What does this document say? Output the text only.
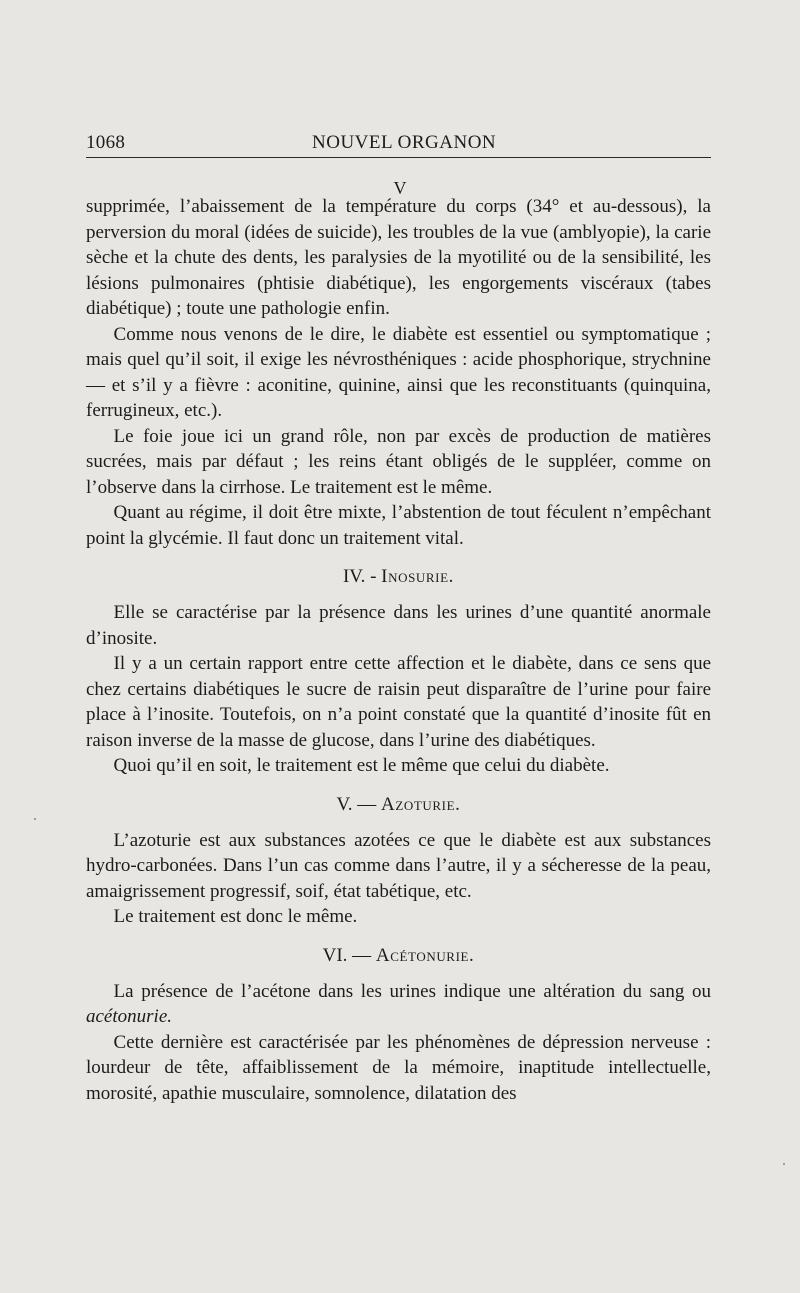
1068	NOUVEL ORGANON
V

supprimée, l’abaissement de la température du corps (34° et au-dessous), la perversion du moral (idées de suicide), les troubles de la vue (amblyopie), la carie sèche et la chute des dents, les paralysies de la myotilité ou de la sensibilité, les lésions pulmonaires (phtisie diabétique), les engorgements viscéraux (tabes diabétique) ; toute une pathologie enfin.

Comme nous venons de le dire, le diabète est essentiel ou symptomatique ; mais quel qu’il soit, il exige les névrosthéniques : acide phosphorique, strychnine — et s’il y a fièvre : aconitine, quinine, ainsi que les reconstituants (quinquina, ferrugineux, etc.).

Le foie joue ici un grand rôle, non par excès de production de matières sucrées, mais par défaut ; les reins étant obligés de le suppléer, comme on l’observe dans la cirrhose. Le traitement est le même.

Quant au régime, il doit être mixte, l’abstention de tout féculent n’empêchant point la glycémie. Il faut donc un traitement vital.

IV. - Inosurie.

Elle se caractérise par la présence dans les urines d’une quantité anormale d’inosite.

Il y a un certain rapport entre cette affection et le diabète, dans ce sens que chez certains diabétiques le sucre de raisin peut disparaître de l’urine pour faire place à l’inosite. Toutefois, on n’a point constaté que la quantité d’inosite fût en raison inverse de la masse de glucose, dans l’urine des diabétiques.

Quoi qu’il en soit, le traitement est le même que celui du diabète.

V. — Azoturie.

L’azoturie est aux substances azotées ce que le diabète est aux substances hydro-carbonées. Dans l’un cas comme dans l’autre, il y a sécheresse de la peau, amaigrissement progressif, soif, état tabétique, etc.

Le traitement est donc le même.

VI. — Acétonurie.

La présence de l’acétone dans les urines indique une altération du sang ou acétonurie.

Cette dernière est caractérisée par les phénomènes de dépression nerveuse : lourdeur de tête, affaiblissement de la mémoire, inaptitude intellectuelle, morosité, apathie musculaire, somnolence, dilatation des
